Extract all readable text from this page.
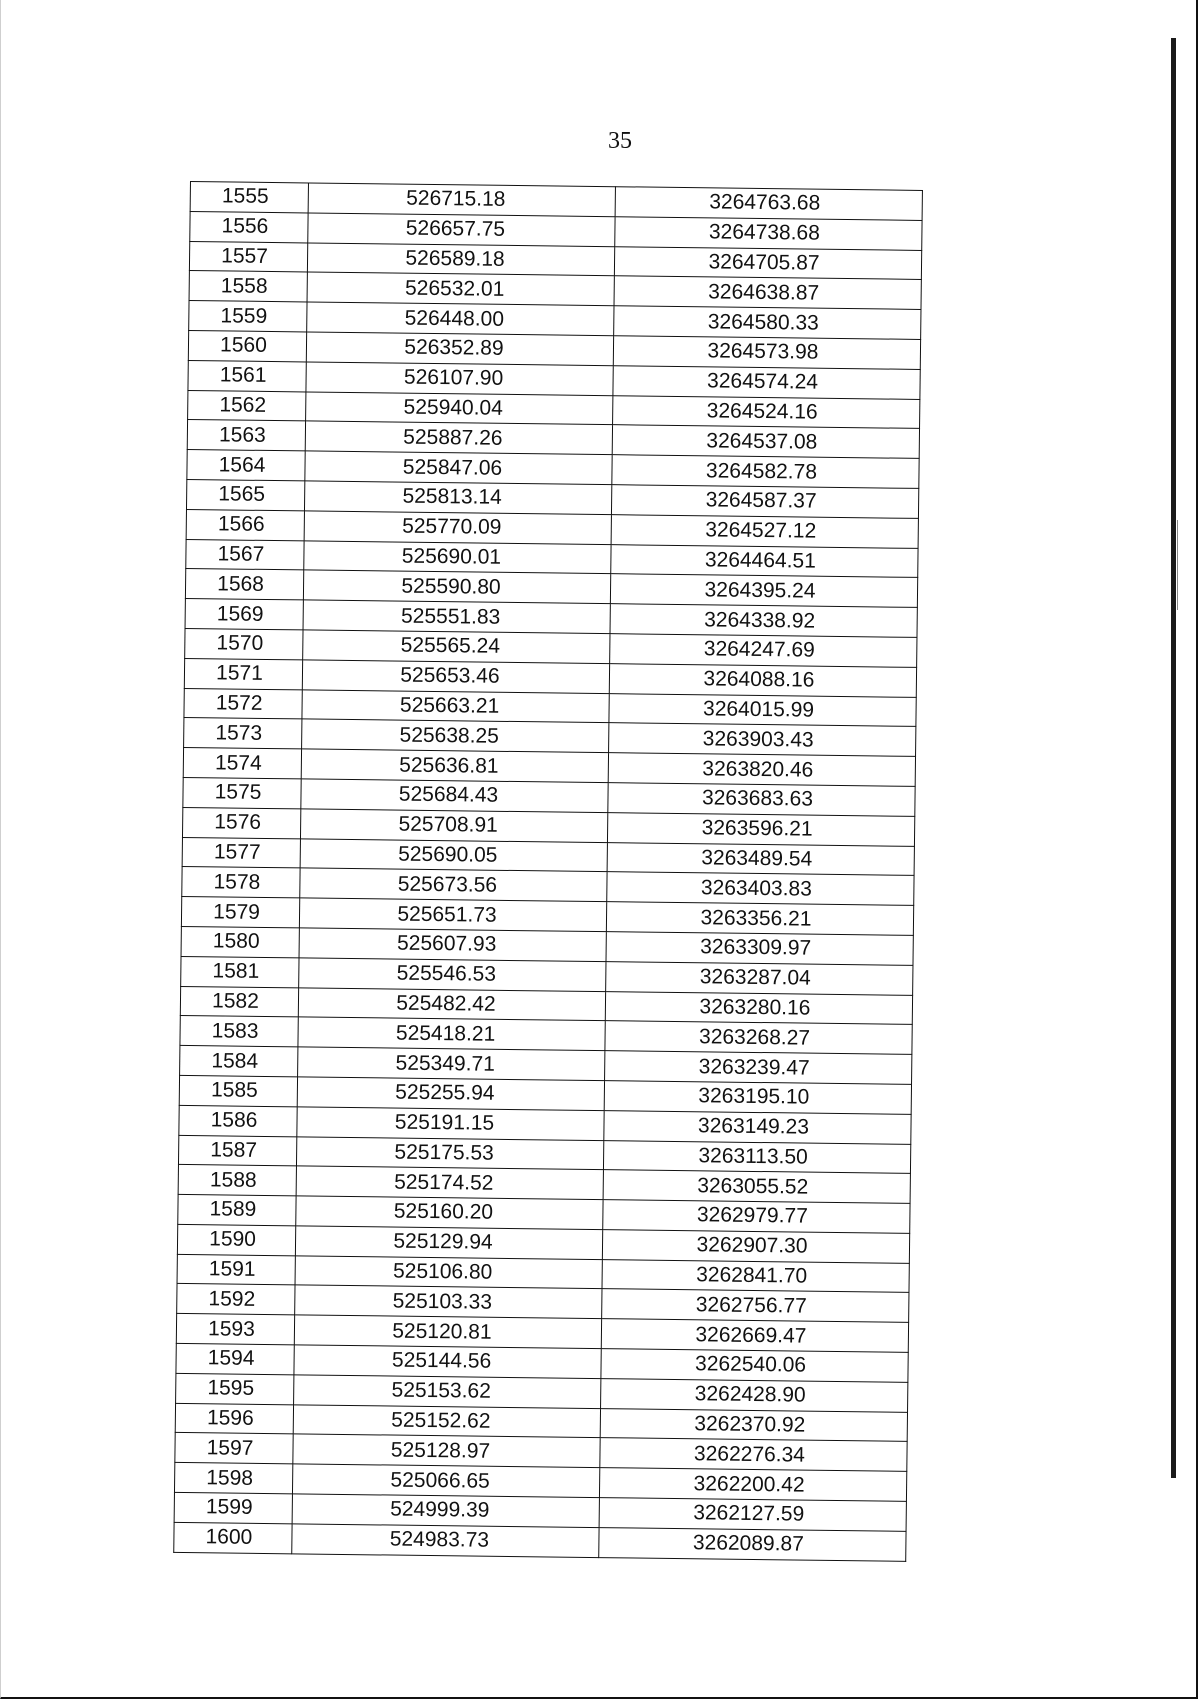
35
1555	526715.18	3264763.68
1556	526657.75	3264738.68
1557	526589.18	3264705.87
1558	526532.01	3264638.87
1559	526448.00	3264580.33
1560	526352.89	3264573.98
1561	526107.90	3264574.24
1562	525940.04	3264524.16
1563	525887.26	3264537.08
1564	525847.06	3264582.78
1565	525813.14	3264587.37
1566	525770.09	3264527.12
1567	525690.01	3264464.51
1568	525590.80	3264395.24
1569	525551.83	3264338.92
1570	525565.24	3264247.69
1571	525653.46	3264088.16
1572	525663.21	3264015.99
1573	525638.25	3263903.43
1574	525636.81	3263820.46
1575	525684.43	3263683.63
1576	525708.91	3263596.21
1577	525690.05	3263489.54
1578	525673.56	3263403.83
1579	525651.73	3263356.21
1580	525607.93	3263309.97
1581	525546.53	3263287.04
1582	525482.42	3263280.16
1583	525418.21	3263268.27
1584	525349.71	3263239.47
1585	525255.94	3263195.10
1586	525191.15	3263149.23
1587	525175.53	3263113.50
1588	525174.52	3263055.52
1589	525160.20	3262979.77
1590	525129.94	3262907.30
1591	525106.80	3262841.70
1592	525103.33	3262756.77
1593	525120.81	3262669.47
1594	525144.56	3262540.06
1595	525153.62	3262428.90
1596	525152.62	3262370.92
1597	525128.97	3262276.34
1598	525066.65	3262200.42
1599	524999.39	3262127.59
1600	524983.73	3262089.87
